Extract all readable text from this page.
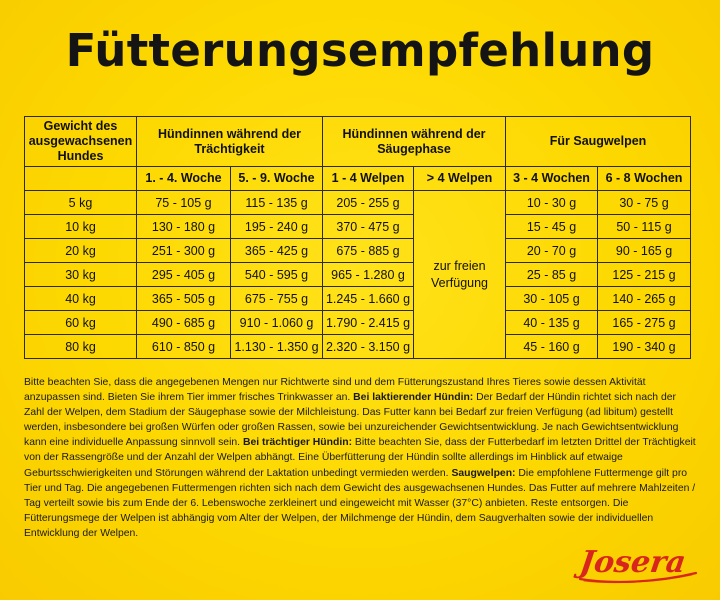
Fütterungsempfehlung
Gewicht des ausgewachsenen Hundes	Hündinnen während der Trächtigkeit		Hündinnen während der Säugephase		Für Saugwelpen	
	1. - 4. Woche	5. - 9. Woche	1 - 4 Welpen	> 4 Welpen	3 - 4 Wochen	6 - 8 Wochen
5 kg	75 - 105 g	115 - 135 g	205 - 255 g	zur freien Verfügung	10 - 30 g	30 - 75 g
10 kg	130 - 180 g	195 - 240 g	370 - 475 g		15 - 45 g	50 - 115 g
20 kg	251 - 300 g	365 - 425 g	675 - 885 g		20 - 70 g	90 - 165 g
30 kg	295 - 405 g	540 - 595 g	965 - 1.280 g		25 - 85 g	125 - 215 g
40 kg	365 - 505 g	675 - 755 g	1.245 - 1.660 g		30 - 105 g	140 - 265 g
60 kg	490 - 685 g	910 - 1.060 g	1.790 - 2.415 g		40 - 135 g	165 - 275 g
80 kg	610 - 850 g	1.130 - 1.350 g	2.320 - 3.150 g		45 - 160 g	190 - 340 g
Bitte beachten Sie, dass die angegebenen Mengen nur Richtwerte sind und dem Fütterungszustand Ihres Tieres sowie dessen Aktivität anzupassen sind. Bieten Sie ihrem Tier immer frisches Trinkwasser an. Bei laktierender Hündin: Der Bedarf der Hündin richtet sich nach der Zahl der Welpen, dem Stadium der Säugephase sowie der Milchleistung. Das Futter kann bei Bedarf zur freien Verfügung (ad libitum) gestellt werden, insbesondere bei großen Würfen oder großen Rassen, sowie bei unzureichender Gewichtsentwicklung. Je nach Gewichtsentwicklung kann eine individuelle Anpassung sinnvoll sein. Bei trächtiger Hündin: Bitte beachten Sie, dass der Futterbedarf im letzten Drittel der Trächtigkeit von der Rassengröße und der Anzahl der Welpen abhängt. Eine Überfütterung der Hündin sollte allerdings im Hinblick auf etwaige Geburtsschwierigkeiten und Störungen während der Laktation unbedingt vermieden werden. Saugwelpen: Die empfohlene Futtermenge gilt pro Tier und Tag. Die angegebenen Futtermengen richten sich nach dem Gewicht des ausgewachsenen Hundes. Das Futter auf mehrere Mahlzeiten / Tag verteilt sowie bis zum Ende der 6. Lebenswoche zerkleinert und eingeweicht mit Wasser (37°C) anbieten. Reste entsorgen. Die Fütterungsmege der Welpen ist abhängig vom Alter der Welpen, der Milchmenge der Hündin, dem Saugverhalten sowie der individuellen Entwicklung der Welpen.
Josera
